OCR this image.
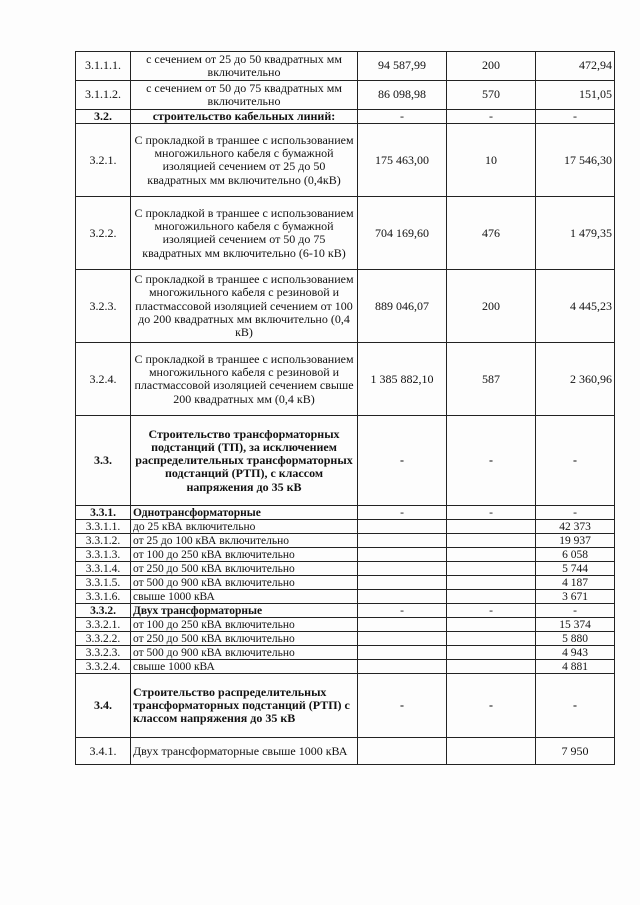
3.1.1.1.	с сечением от 25 до 50 квадратных мм включительно	94 587,99	200	472,94
3.1.1.2.	с сечением от 50 до 75 квадратных мм включительно	86 098,98	570	151,05
3.2.	строительство кабельных линий:	-	-	-
3.2.1.	С прокладкой в траншее с использованием многожильного кабеля с бумажной изоляцией сечением от 25 до 50 квадратных мм включительно (0,4кВ)	175 463,00	10	17 546,30
3.2.2.	С прокладкой в траншее с использованием многожильного кабеля с бумажной изоляцией сечением от 50 до 75 квадратных мм включительно (6-10 кВ)	704 169,60	476	1 479,35
3.2.3.	С прокладкой в траншее с использованием многожильного кабеля с резиновой и пластмассовой изоляцией сечением от 100 до 200 квадратных мм включительно (0,4 кВ)	889 046,07	200	4 445,23
3.2.4.	С прокладкой в траншее с использованием многожильного кабеля с резиновой и пластмассовой изоляцией сечением свыше 200 квадратных мм (0,4 кВ)	1 385 882,10	587	2 360,96
3.3.	Строительство трансформаторных подстанций (ТП), за исключением распределительных трансформаторных подстанций (РТП), с классом напряжения до 35 кВ	-	-	-
3.3.1.	Однотрансформаторные	-	-	-
3.3.1.1.	до 25 кВА включительно			42 373
3.3.1.2.	от 25 до 100 кВА включительно			19 937
3.3.1.3.	от 100 до 250 кВА включительно			6 058
3.3.1.4.	от 250 до 500 кВА включительно			5 744
3.3.1.5.	от 500 до 900 кВА включительно			4 187
3.3.1.6.	свыше 1000 кВА			3 671
3.3.2.	Двух трансформаторные	-	-	-
3.3.2.1.	от 100 до 250 кВА включительно			15 374
3.3.2.2.	от 250 до 500 кВА включительно			5 880
3.3.2.3.	от 500 до 900 кВА включительно			4 943
3.3.2.4.	свыше 1000 кВА			4 881
3.4.	Строительство распределительных трансформаторных подстанций (РТП) с классом напряжения до 35 кВ	-	-	-
3.4.1.	Двух трансформаторные свыше 1000 кВА			7 950
